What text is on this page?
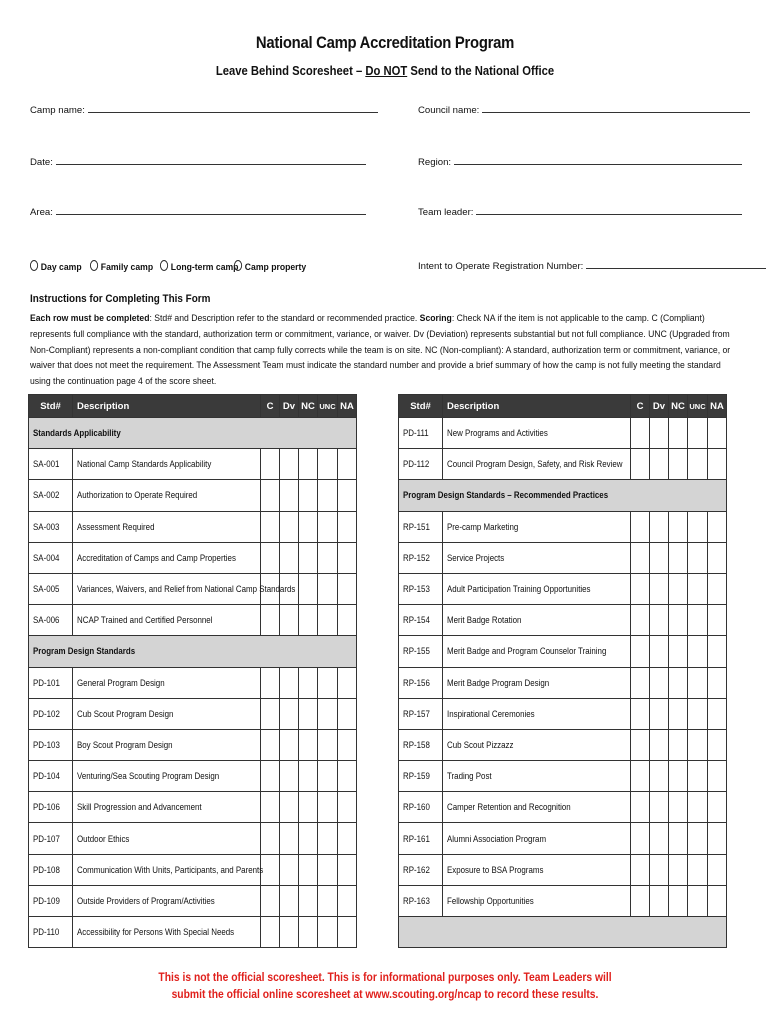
National Camp Accreditation Program
Leave Behind Scoresheet – Do NOT Send to the National Office
Camp name:	Council name:
Date:	Region:
Area:	Team leader:
Day camp	Family camp	Long-term camp Camp property	Intent to Operate Registration Number:
Instructions for Completing This Form
Each row must be completed: Std# and Description refer to the standard or recommended practice. Scoring: Check NA if the item is not applicable to the camp. C (Compliant) represents full compliance with the standard, authorization term or commitment, variance, or waiver. Dv (Deviation) represents substantial but not full compliance. UNC (Upgraded from Non-Compliant) represents a non-compliant condition that camp fully corrects while the team is on site. NC (Non-compliant): A standard, authorization term or commitment, variance, or waiver that does not meet the requirement. The Assessment Team must indicate the standard number and provide a brief summary of how the camp is not fully meeting the standard using the continuation page 4 of the score sheet.
Std#	Description	C	Dv	NC	UNC	NA
Standards Applicability						
SA-001	National Camp Standards Applicability					
SA-002	Authorization to Operate Required					
SA-003	Assessment Required					
SA-004	Accreditation of Camps and Camp Properties					
SA-005	Variances, Waivers, and Relief from National Camp Standards					
SA-006	NCAP Trained and Certified Personnel					
Program Design Standards						
PD-101	General Program Design					
PD-102	Cub Scout Program Design					
PD-103	Boy Scout Program Design					
PD-104	Venturing/Sea Scouting Program Design					
PD-106	Skill Progression and Advancement					
PD-107	Outdoor Ethics					
PD-108	Communication With Units, Participants, and Parents					
PD-109	Outside Providers of Program/Activities					
PD-110	Accessibility for Persons With Special Needs					
Std#	Description	C	Dv	NC	UNC	NA
PD-111	New Programs and Activities					
PD-112	Council Program Design, Safety, and Risk Review					
Program Design Standards – Recommended Practices						
RP-151	Pre-camp Marketing					
RP-152	Service Projects					
RP-153	Adult Participation Training Opportunities					
RP-154	Merit Badge Rotation					
RP-155	Merit Badge and Program Counselor Training					
RP-156	Merit Badge Program Design					
RP-157	Inspirational Ceremonies					
RP-158	Cub Scout Pizzazz					
RP-159	Trading Post					
RP-160	Camper Retention and Recognition					
RP-161	Alumni Association Program					
RP-162	Exposure to BSA Programs					
RP-163	Fellowship Opportunities					

This is not the official scoresheet. This is for informational purposes only. Team Leaders will
submit the official online scoresheet at www.scouting.org/ncap to record these results.
